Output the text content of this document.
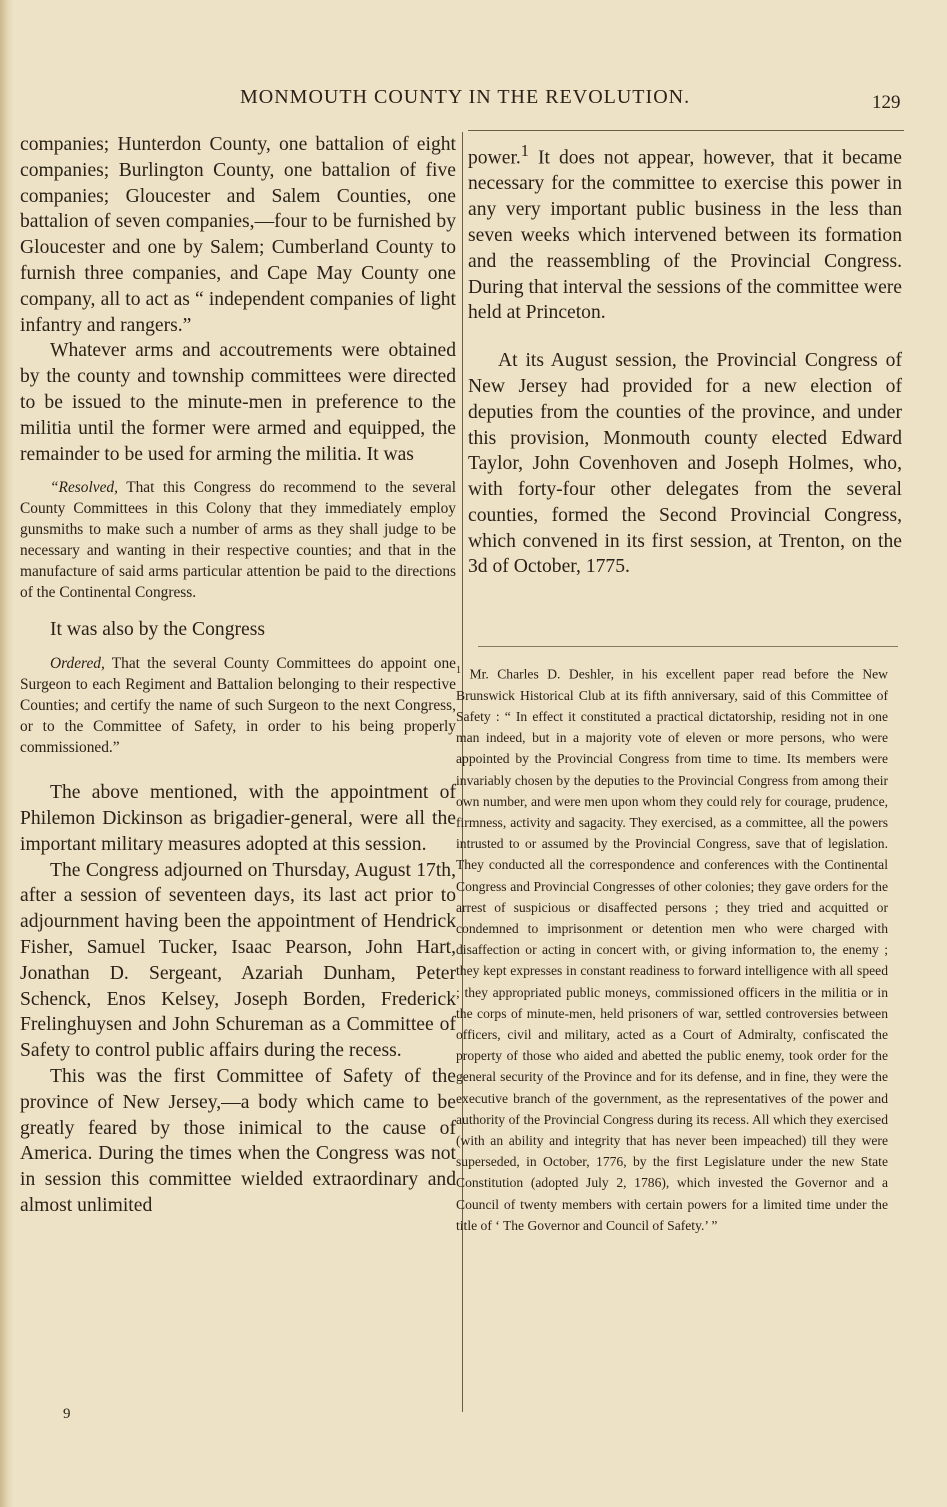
MONMOUTH COUNTY IN THE REVOLUTION.	129

companies; Hunterdon County, one battalion of eight companies; Burlington County, one battalion of five companies; Gloucester and Salem Counties, one battalion of seven companies,—four to be furnished by Gloucester and one by Salem; Cumberland County to furnish three companies, and Cape May County one company, all to act as “ independent companies of light infantry and rangers.”

Whatever arms and accoutrements were obtained by the county and township committees were directed to be issued to the minute-men in preference to the militia until the former were armed and equipped, the remainder to be used for arming the militia. It was

“Resolved, That this Congress do recommend to the several County Committees in this Colony that they immediately employ gunsmiths to make such a number of arms as they shall judge to be necessary and wanting in their respective counties; and that in the manufacture of said arms particular attention be paid to the directions of the Continental Congress.

It was also by the Congress

Ordered, That the several County Committees do appoint one Surgeon to each Regiment and Battalion belonging to their respective Counties; and certify the name of such Surgeon to the next Congress, or to the Committee of Safety, in order to his being properly commissioned.”

The above mentioned, with the appointment of Philemon Dickinson as brigadier-general, were all the important military measures adopted at this session.

The Congress adjourned on Thursday, August 17th, after a session of seventeen days, its last act prior to adjournment having been the appointment of Hendrick Fisher, Samuel Tucker, Isaac Pearson, John Hart, Jonathan D. Sergeant, Azariah Dunham, Peter Schenck, Enos Kelsey, Joseph Borden, Frederick Frelinghuysen and John Schureman as a Committee of Safety to control public affairs during the recess.

This was the first Committee of Safety of the province of New Jersey,—a body which came to be greatly feared by those inimical to the cause of America. During the times when the Congress was not in session this committee wielded extraordinary and almost unlimited

9

power.$^1$ It does not appear, however, that it became necessary for the committee to exercise this power in any very important public business in the less than seven weeks which intervened between its formation and the reassembling of the Provincial Congress. During that interval the sessions of the committee were held at Princeton.

At its August session, the Provincial Congress of New Jersey had provided for a new election of deputies from the counties of the province, and under this provision, Monmouth county elected Edward Taylor, John Covenhoven and Joseph Holmes, who, with forty-four other delegates from the several counties, formed the Second Provincial Congress, which convened in its first session, at Trenton, on the 3d of October, 1775.

$^1$ Mr. Charles D. Deshler, in his excellent paper read before the New Brunswick Historical Club at its fifth anniversary, said of this Committee of Safety : “ In effect it constituted a practical dictatorship, residing not in one man indeed, but in a majority vote of eleven or more persons, who were appointed by the Provincial Congress from time to time. Its members were invariably chosen by the deputies to the Provincial Congress from among their own number, and were men upon whom they could rely for courage, prudence, firmness, activity and sagacity. They exercised, as a committee, all the powers intrusted to or assumed by the Provincial Congress, save that of legislation. They conducted all the correspondence and conferences with the Continental Congress and Provincial Congresses of other colonies; they gave orders for the arrest of suspicious or disaffected persons ; they tried and acquitted or condemned to imprisonment or detention men who were charged with disaffection or acting in concert with, or giving information to, the enemy ; they kept expresses in constant readiness to forward intelligence with all speed ; they appropriated public moneys, commissioned officers in the militia or in the corps of minute-men, held prisoners of war, settled controversies between officers, civil and military, acted as a Court of Admiralty, confiscated the property of those who aided and abetted the public enemy, took order for the general security of the Province and for its defense, and in fine, they were the executive branch of the government, as the representatives of the power and authority of the Provincial Congress during its recess. All which they exercised (with an ability and integrity that has never been impeached) till they were superseded, in October, 1776, by the first Legislature under the new State Constitution (adopted July 2, 1786), which invested the Governor and a Council of twenty members with certain powers for a limited time under the title of ‘ The Governor and Council of Safety.’ ”
